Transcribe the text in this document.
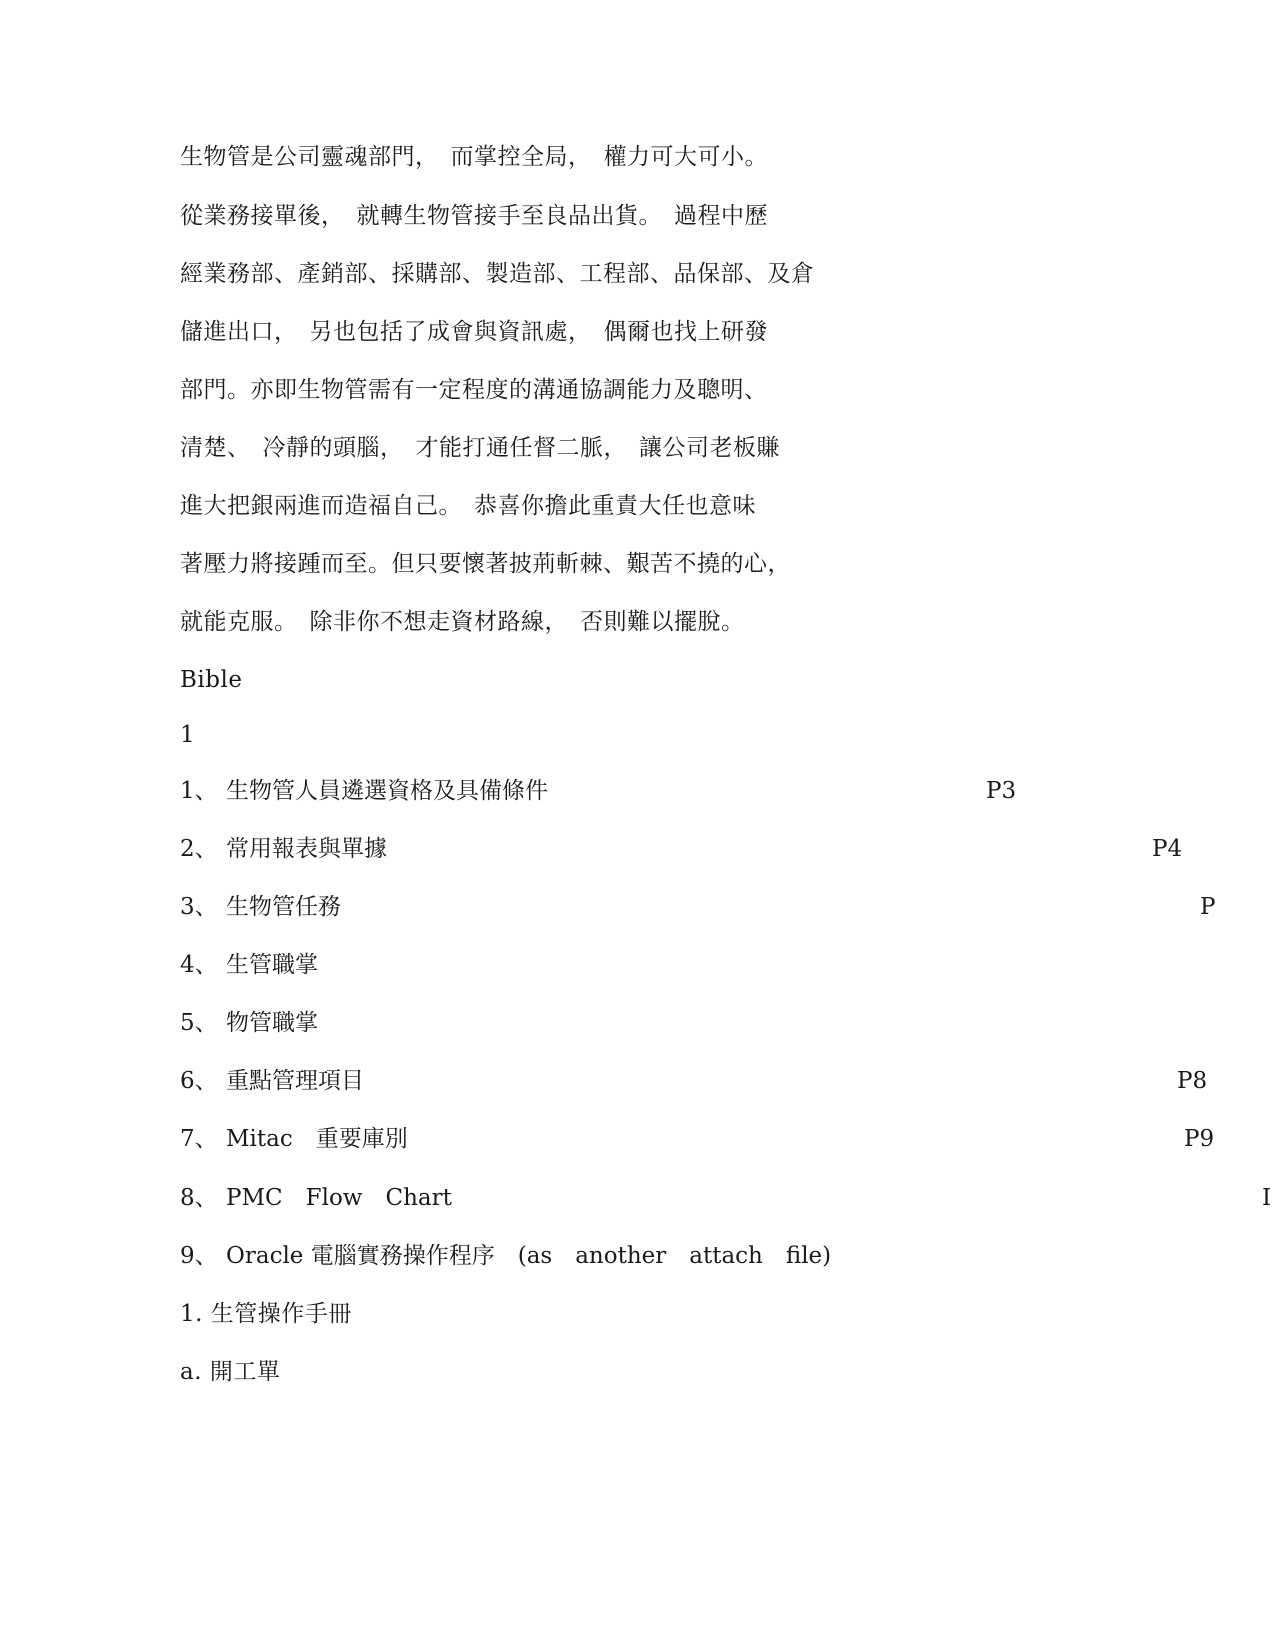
生物管是公司靈魂部門，　而掌控全局，　權力可大可小。
從業務接單後，　就轉生物管接手至良品出貨。　過程中歷
經業務部、產銷部、採購部、製造部、工程部、品保部、及倉
儲進出口，　另也包括了成會與資訊處，　偶爾也找上研發
部門。亦即生物管需有一定程度的溝通協調能力及聰明、
清楚、　冷靜的頭腦，　才能打通任督二脈，　讓公司老板賺
進大把銀兩進而造福自己。　恭喜你擔此重責大任也意味
著壓力將接踵而至。但只要懷著披荊斬棘、艱苦不撓的心，
就能克服。　除非你不想走資材路線，　否則難以擺脫。
Bible
1
1、 生物管人員遴選資格及具備條件	P3
2、 常用報表與單據	P4
3、 生物管任務	P
4、 生管職掌
5、 物管職掌
6、 重點管理項目	P8
7、 Mitac　重要庫別	P9
8、 PMC　Flow　Chart	I
9、 Oracle 電腦實務操作程序　(as　another　attach　file)
1. 生管操作手冊
a. 開工單
